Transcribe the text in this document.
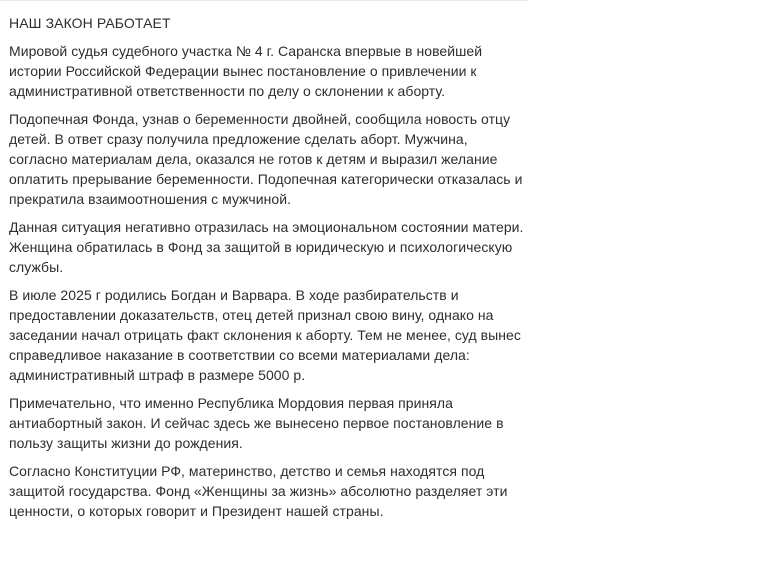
НАШ ЗАКОН РАБОТАЕТ

Мировой судья судебного участка № 4 г. Саранска впервые в новейшей истории Российской Федерации вынес постановление о привлечении к административной ответственности по делу о склонении к аборту.

Подопечная Фонда, узнав о беременности двойней, сообщила новость отцу детей. В ответ сразу получила предложение сделать аборт. Мужчина, согласно материалам дела, оказался не готов к детям и выразил желание оплатить прерывание беременности. Подопечная категорически отказалась и прекратила взаимоотношения с мужчиной.

Данная ситуация негативно отразилась на эмоциональном состоянии матери. Женщина обратилась в Фонд за защитой в юридическую и психологическую службы.

В июле 2025 г родились Богдан и Варвара. В ходе разбирательств и предоставлении доказательств, отец детей признал свою вину, однако на заседании начал отрицать факт склонения к аборту. Тем не менее, суд вынес справедливое наказание в соответствии со всеми материалами дела: административный штраф в размере 5000 р.

Примечательно, что именно Республика Мордовия первая приняла антиабортный закон. И сейчас здесь же вынесено первое постановление в пользу защиты жизни до рождения.

Согласно Конституции РФ, материнство, детство и семья находятся под защитой государства. Фонд «Женщины за жизнь» абсолютно разделяет эти ценности, о которых говорит и Президент нашей страны.
